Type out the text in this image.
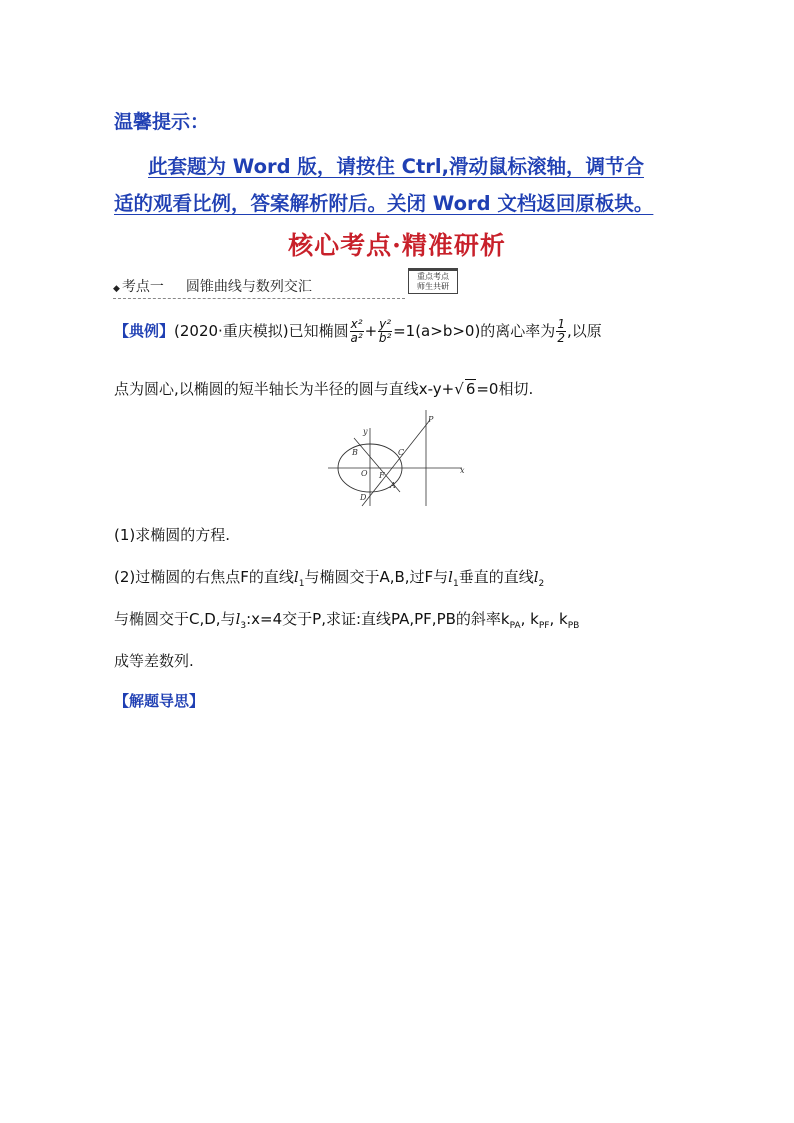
温馨提示：
此套题为 Word 版，请按住 Ctrl,滑动鼠标滚轴，调节合
适的观看比例，答案解析附后。关闭 Word 文档返回原板块。
核心考点·精准研析
◆ 考点一 圆锥曲线与数列交汇
重点考点
师生共研
【典例】(2020·重庆模拟)已知椭圆 $\frac{\text{x²}}{\text{a²}} + \frac{\text{y²}}{\text{b²}} =1(a>b>0)$的离心率为 $\frac{1}{2}$ ,以原
点为圆心,以椭圆的短半轴长为半径的圆与直线x-y+√ 6=0相切.
y
x
P
B	C
O F
A
D
(1)求椭圆的方程.
(2)过椭圆的右焦点F的直线$l_1$与椭圆交于A,B,过F与$l_1$垂直的直线$l_2$
与椭圆交于C,D,与$l_3:x=4$交于P,求证:直线PA,PF,PB的斜率$k_{PA}$, $k_{PF}$, $k_{PB}$
成等差数列.
【解题导思】
